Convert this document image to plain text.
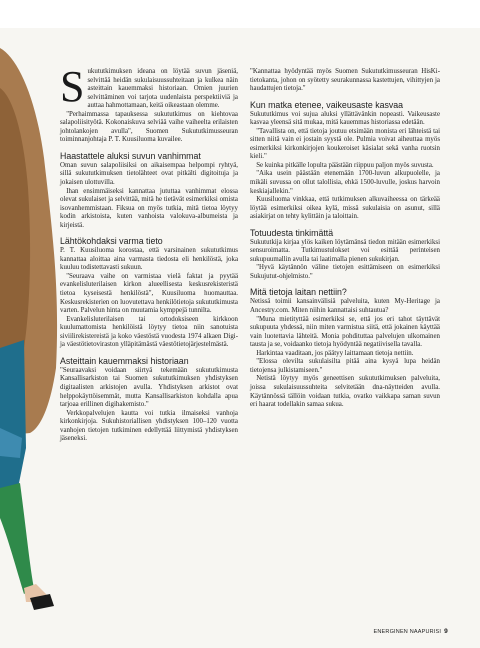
Sukututkimuksen ideana on löytää suvun jäseniä, selvittää heidän sukulaisuussuhteitaan ja kulkea näin asteittain kauemmaksi historiaan. Omien juurien selvittäminen voi tarjota uudenlaista perspektiiviä ja auttaa hahmottamaan, keitä oikeastaan olemme.

"Perhaimmassa tapauksessa sukututkimus on kiehtovaa salapoliisityötä. Kokonaiskuva selviää vaihe vaiheelta erilaisten johtolankojen avulla", Suomen Sukututkimusseuran toiminnanjohtaja P. T. Kuusiluoma kuvailee.

Haastattele aluksi suvun vanhimmat

Oman suvun salapoliisiksi on aikaisempaa helpompi ryhtyä, sillä sukututkimuksen tietolähteet ovat pitkälti digitoituja ja jokaisen ulottuvilla.

Ihan ensimmäiseksi kannattaa jututtaa vanhimmat elossa olevat sukulaiset ja selvittää, mitä he tietävät esimerkiksi omista isovanhemmistaan. Fiksua on myös tutkia, mitä tietoa löytyy kodin arkistoista, kuten vanhoista valokuva-albumeista ja kirjeistä.

Lähtökohdaksi varma tieto

P. T. Kuusiluoma korostaa, että varsinainen sukututkimus kannattaa aloittaa aina varmasta tiedosta eli henkilöstä, joka kuuluu todistettavasti sukuun.

"Seuraava vaihe on varmistaa vielä faktat ja pyytää evankelisluterilaisen kirkon alueellisesta keskusrekisteristä tietoa kyseisestä henkilöstä", Kuusiluoma huomauttaa. Keskusrekisterien on luovutettava henkilötietoja sukututkimusta varten. Palvelun hinta on muutamia kymppejä tunnilta.

Evankelisluterilaisen tai ortodoksiseen kirkkoon kuulumattomista henkilöistä löytyy tietoa niin sanotuista siviilirekistereistä ja koko väestöstä vuodesta 1974 alkaen Digi- ja väestötietoviraston ylläpitämästä väestötietojärjestelmästä.

Asteittain kauemmaksi historiaan

"Seuraavaksi voidaan siirtyä tekemään sukututkimusta Kansallisarkiston tai Suomen sukututkimuksen yhdistyksen digitaalisten arkistojen avulla. Yhdistyksen arkistot ovat helppokäyttöisemmät, mutta Kansallisarkiston kohdalla apua tarjoaa erillinen digihakemisto."

Verkkopalvelujen kautta voi tutkia ilmaiseksi vanhoja kirkonkirjoja. Sukuhistoriallisen yhdistyksen 100–120 vuotta vanhojen tietojen tutkiminen edellyttää liittymistä yhdistyksen jäseneksi.

"Kannattaa hyödyntää myös Suomen Sukututkimusseuran HisKi-tietokanta, johon on syötetty seurakunnassa kastettujen, vihittyjen ja haudattujen tietoja."

Kun matka etenee, vaikeusaste kasvaa

Sukututkimus voi sujua aluksi yllättävänkin nopeasti. Vaikeusaste kasvaa yleensä sitä mukaa, mitä kauemmas historiassa edetään.

"Tavallista on, että tietoja joutuu etsimään monista eri lähteistä tai sitten niitä vain ei jostain syystä ole. Pulmia voivat aiheuttaa myös esimerkiksi kirkonkirjojen koukeroiset käsialat sekä vanha ruotsin kieli."

Se kuinka pitkälle lopulta päästään riippuu paljon myös suvusta.

"Aika usein päästään etenemään 1700-luvun alkupuolelle, ja mikäli suvussa on ollut talollisia, ehkä 1500-luvulle, joskus harvoin keskiajallekin."

Kuusiluoma vinkkaa, että tutkimuksen alkuvaiheessa on tärkeää löytää esimerkiksi oikea kylä, missä sukulaisia on asunut, sillä asiakirjat on tehty kylittäin ja taloittain.

Totuudesta tinkimättä

Sukututkija kirjaa ylös kaiken löytämänsä tiedon mitään esimerkiksi sensuroimatta. Tutkimustulokset voi esittää perinteisen sukupuumallin avulla tai laatimalla pienen sukukirjan.

"Hyvä käytännön väline tietojen esittämiseen on esimerkiksi Sukujutut-ohjelmisto."

Mitä tietoja laitan nettiin?

Netissä toimii kansainvälisiä palveluita, kuten My-Heritage ja Ancestry.com. Miten niihin kannattaisi suhtautua?

"Muna mietityttää esimerkiksi se, että jos eri tahot täyttävät sukupuuta yhdessä, niin miten varmistua siitä, että jokainen käyttää vain luotettavia lähteitä. Monia pohdituttaa palvelujen ulkomainen tausta ja se, voidaanko tietoja hyödyntää negatiivisella tavalla.

Harkintaa vaaditaan, jos päätyy laittamaan tietoja nettiin.

"Elossa olevilta sukulaisilta pitää aina kysyä lupa heidän tietojensa julkistamiseen."

Netistä löytyy myös geneettisen sukututkimuksen palveluita, joissa sukulaisuussuhteita selvitetään dna-näytteiden avulla. Käytännössä tällöin voidaan tutkia, ovatko vaikkapa saman suvun eri haarat todellakin samaa sukua.

ENERGINEN NAAPURISI 9
